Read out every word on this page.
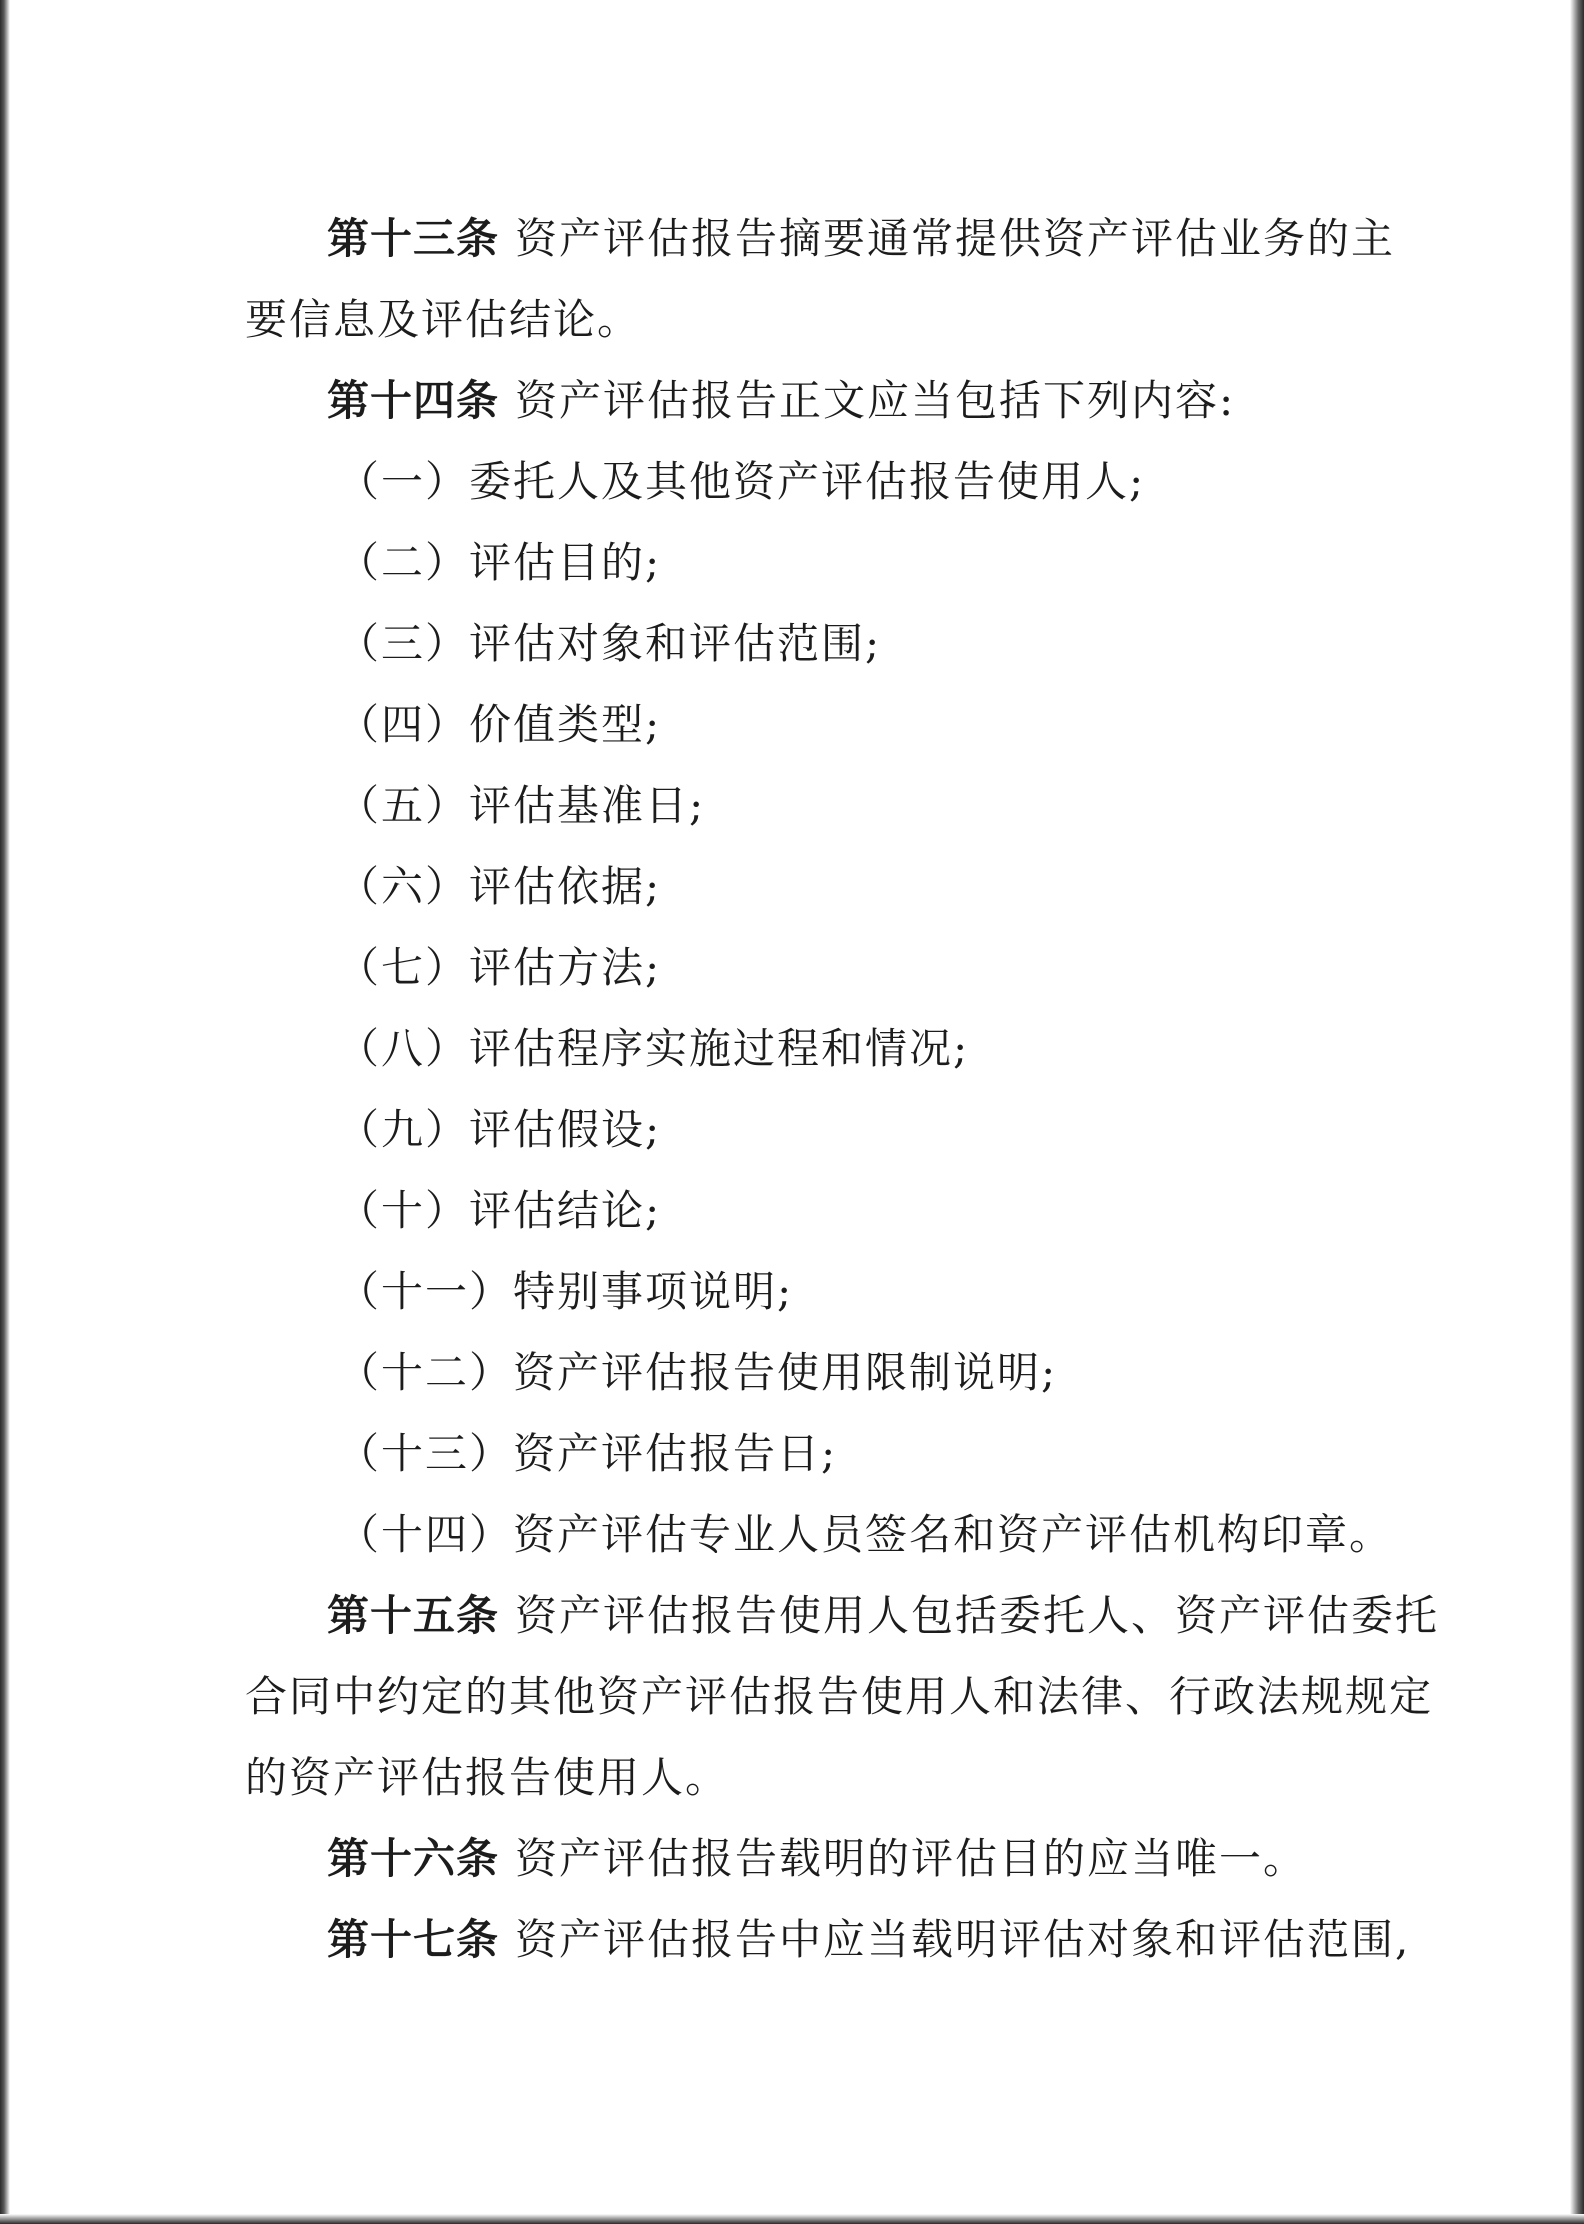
第十三条 资产评估报告摘要通常提供资产评估业务的主
要信息及评估结论。
第十四条 资产评估报告正文应当包括下列内容:
（一）委托人及其他资产评估报告使用人;
（二）评估目的;
（三）评估对象和评估范围;
（四）价值类型;
（五）评估基准日;
（六）评估依据;
（七）评估方法;
（八）评估程序实施过程和情况;
（九）评估假设;
（十）评估结论;
（十一）特别事项说明;
（十二）资产评估报告使用限制说明;
（十三）资产评估报告日;
（十四）资产评估专业人员签名和资产评估机构印章。
第十五条 资产评估报告使用人包括委托人、资产评估委托
合同中约定的其他资产评估报告使用人和法律、行政法规规定
的资产评估报告使用人。
第十六条 资产评估报告载明的评估目的应当唯一。
第十七条 资产评估报告中应当载明评估对象和评估范围,
